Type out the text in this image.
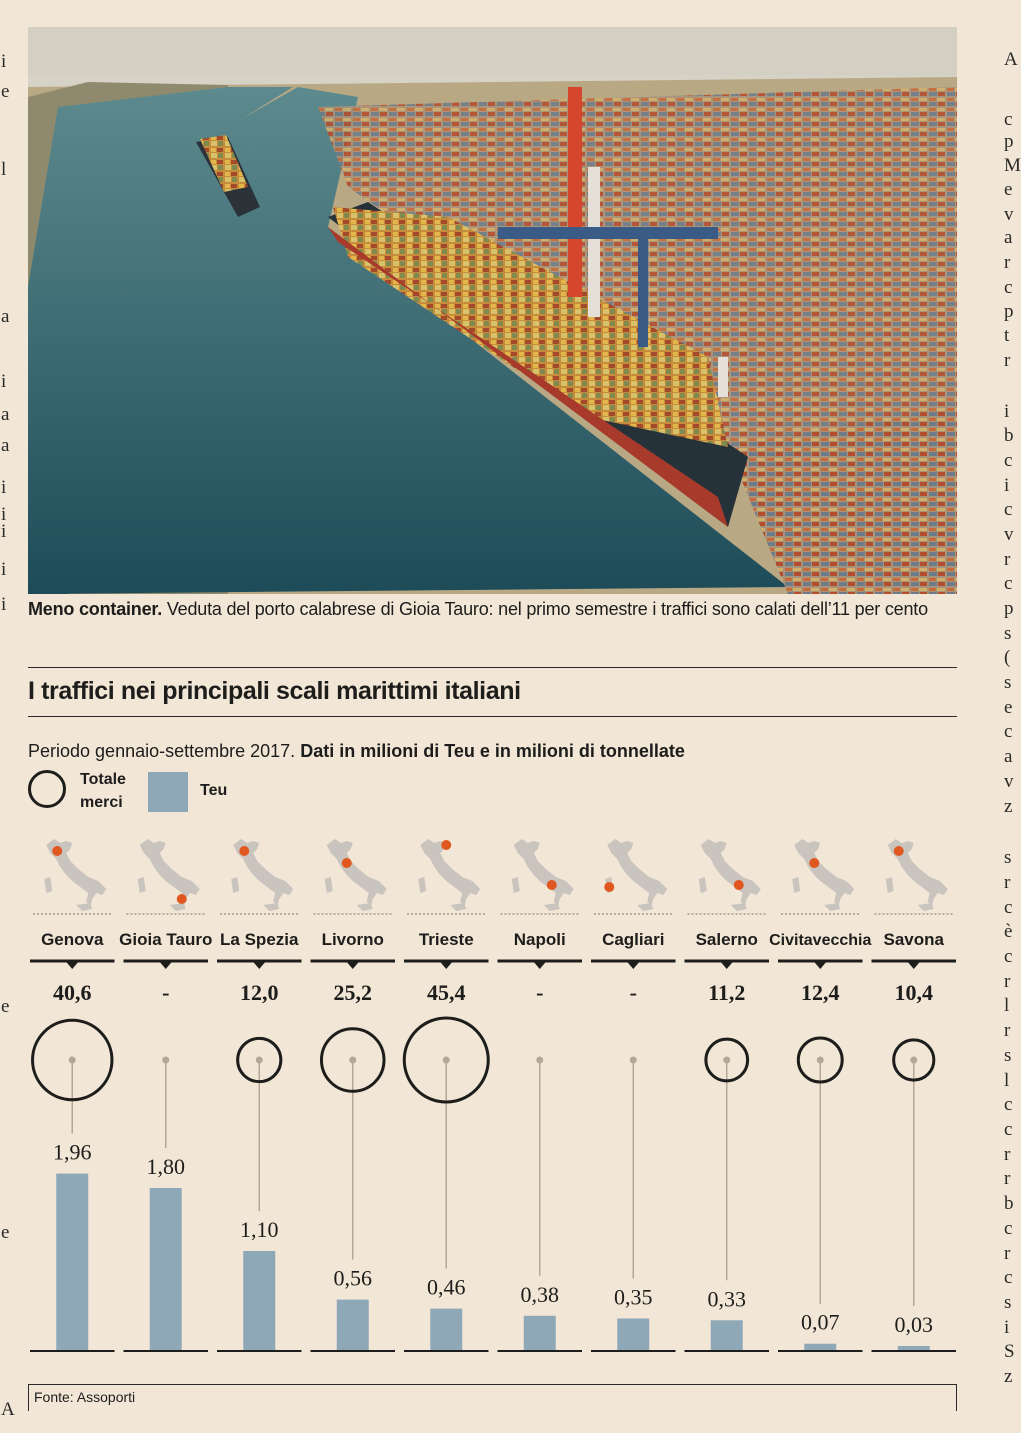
i
e
l
a
i
a
a
i
i
i
i
i
e
e
A
A
c
p
M
e
v
a
r
c
p
t
r
i
b
c
i
c
v
r
c
p
s
(
s
e
c
a
v
z
s
r
c
è
c
r
l
r
s
l
c
c
r
r
b
c
r
c
s
i
S
z
Meno container. Veduta del porto calabrese di Gioia Tauro: nel primo semestre i traffici sono calati dell’11 per cento
I traffici nei principali scali marittimi italiani
Periodo gennaio-settembre 2017. Dati in milioni di Teu e in milioni di tonnellate
Totale merci
Teu
Genova
40,6
1,96
Gioia Tauro
-
1,80
La Spezia
12,0
1,10
Livorno
25,2
0,56
Trieste
45,4
0,46
Napoli
-
0,38
Cagliari
-
0,35
Salerno
11,2
0,33
Civitavecchia
12,4
0,07
Savona
10,4
0,03
Fonte: Assoporti
